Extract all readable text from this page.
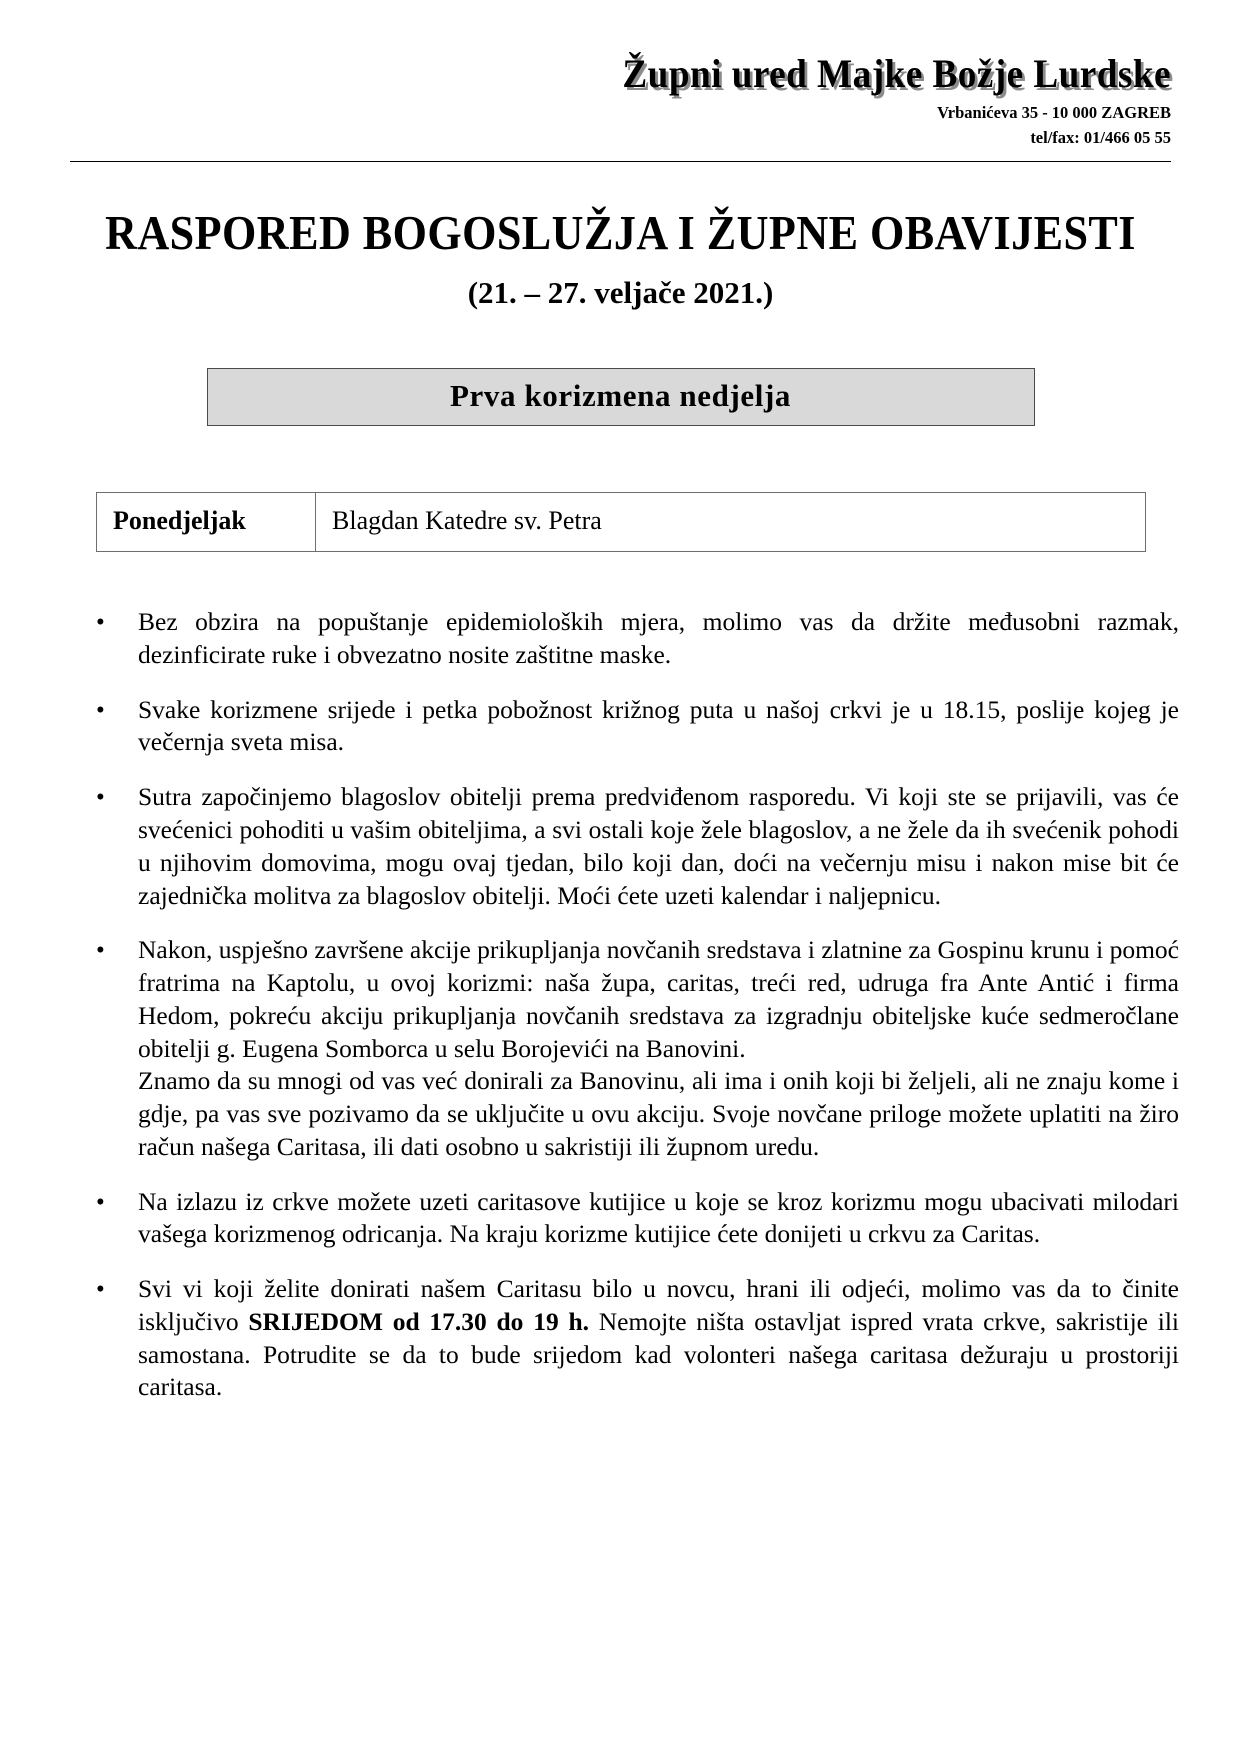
Župni ured Majke Božje Lurdske
Vrbanićeva 35 - 10 000 ZAGREB
tel/fax: 01/466 05 55
RASPORED BOGOSLUŽJA I ŽUPNE OBAVIJESTI
(21. – 27. veljače 2021.)
Prva korizmena nedjelja
Ponedjeljak	Blagdan Katedre sv. Petra
•	Bez obzira na popuštanje epidemioloških mjera, molimo vas da držite međusobni razmak, dezinficirate ruke i obvezatno nosite zaštitne maske.

•	Svake korizmene srijede i petka pobožnost križnog puta u našoj crkvi je u 18.15, poslije kojeg je večernja sveta misa.

•	Sutra započinjemo blagoslov obitelji prema predviđenom rasporedu. Vi koji ste se prijavili, vas će svećenici pohoditi u vašim obiteljima, a svi ostali koje žele blagoslov, a ne žele da ih svećenik pohodi u njihovim domovima, mogu ovaj tjedan, bilo koji dan, doći na večernju misu i nakon mise bit će zajednička molitva za blagoslov obitelji. Moći ćete uzeti kalendar i naljepnicu.

•	Nakon, uspješno završene akcije prikupljanja novčanih sredstava i zlatnine za Gospinu krunu i pomoć fratrima na Kaptolu, u ovoj korizmi: naša župa, caritas, treći red, udruga fra Ante Antić i firma Hedom, pokreću akciju prikupljanja novčanih sredstava za izgradnju obiteljske kuće sedmeročlane obitelji g. Eugena Somborca u selu Borojevići na Banovini.

Znamo da su mnogi od vas već donirali za Banovinu, ali ima i onih koji bi željeli, ali ne znaju kome i gdje, pa vas sve pozivamo da se uključite u ovu akciju. Svoje novčane priloge možete uplatiti na žiro račun našega Caritasa, ili dati osobno u sakristiji ili župnom uredu.

•	Na izlazu iz crkve možete uzeti caritasove kutijice u koje se kroz korizmu mogu ubacivati milodari vašega korizmenog odricanja. Na kraju korizme kutijice ćete donijeti u crkvu za Caritas.

•	Svi vi koji želite donirati našem Caritasu bilo u novcu, hrani ili odjeći, molimo vas da to činite isključivo SRIJEDOM od 17.30 do 19 h. Nemojte ništa ostavljat ispred vrata crkve, sakristije ili samostana. Potrudite se da to bude srijedom kad volonteri našega caritasa dežuraju u prostoriji caritasa.
